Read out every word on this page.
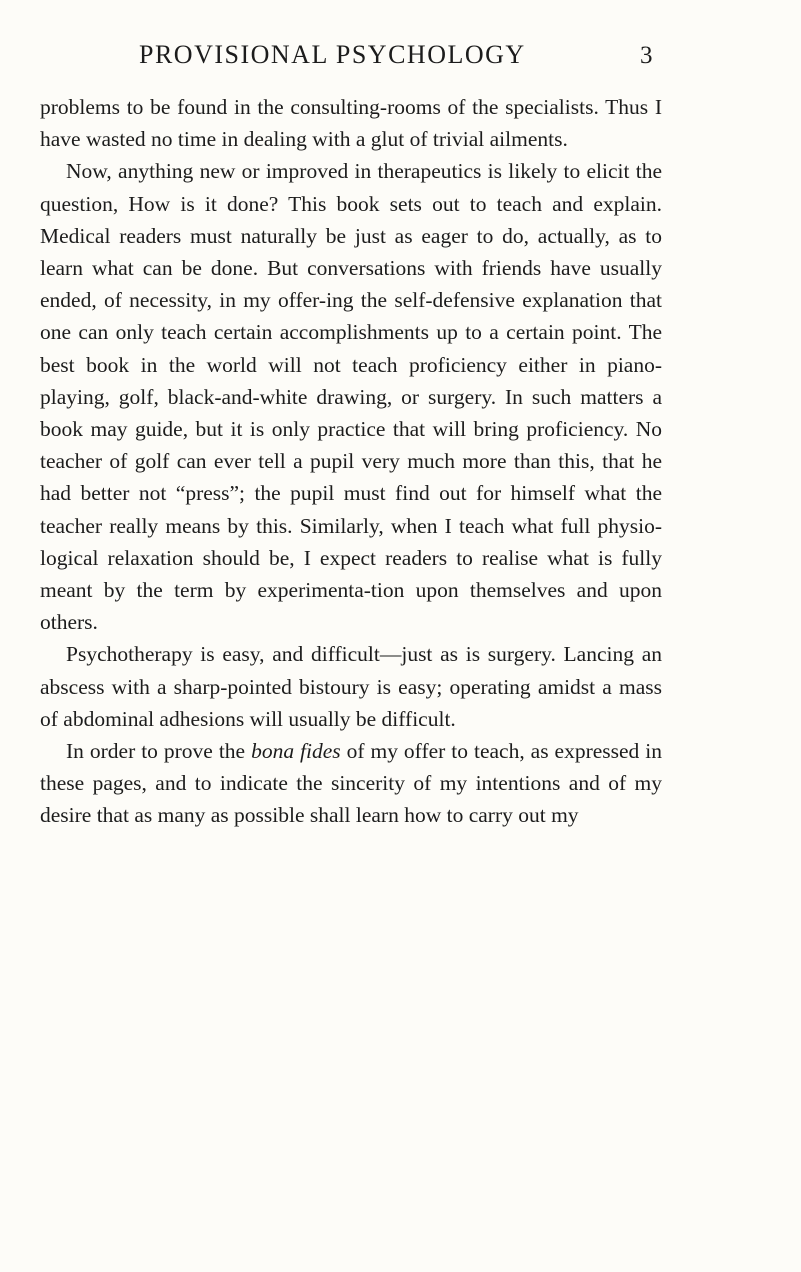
PROVISIONAL PSYCHOLOGY	3

problems to be found in the consulting-rooms of the specialists. Thus I have wasted no time in dealing with a glut of trivial ailments.

Now, anything new or improved in therapeutics is likely to elicit the question, How is it done? This book sets out to teach and explain. Medical readers must naturally be just as eager to do, actually, as to learn what can be done. But conversations with friends have usually ended, of necessity, in my offer-ing the self-defensive explanation that one can only teach certain accomplishments up to a certain point. The best book in the world will not teach proficiency either in piano-playing, golf, black-and-white drawing, or surgery. In such matters a book may guide, but it is only practice that will bring proficiency. No teacher of golf can ever tell a pupil very much more than this, that he had better not “press”; the pupil must find out for himself what the teacher really means by this. Similarly, when I teach what full physio-logical relaxation should be, I expect readers to realise what is fully meant by the term by experimenta-tion upon themselves and upon others.

Psychotherapy is easy, and difficult—just as is surgery. Lancing an abscess with a sharp-pointed bistoury is easy; operating amidst a mass of abdominal adhesions will usually be difficult.

In order to prove the bona fides of my offer to teach, as expressed in these pages, and to indicate the sincerity of my intentions and of my desire that as many as possible shall learn how to carry out my
